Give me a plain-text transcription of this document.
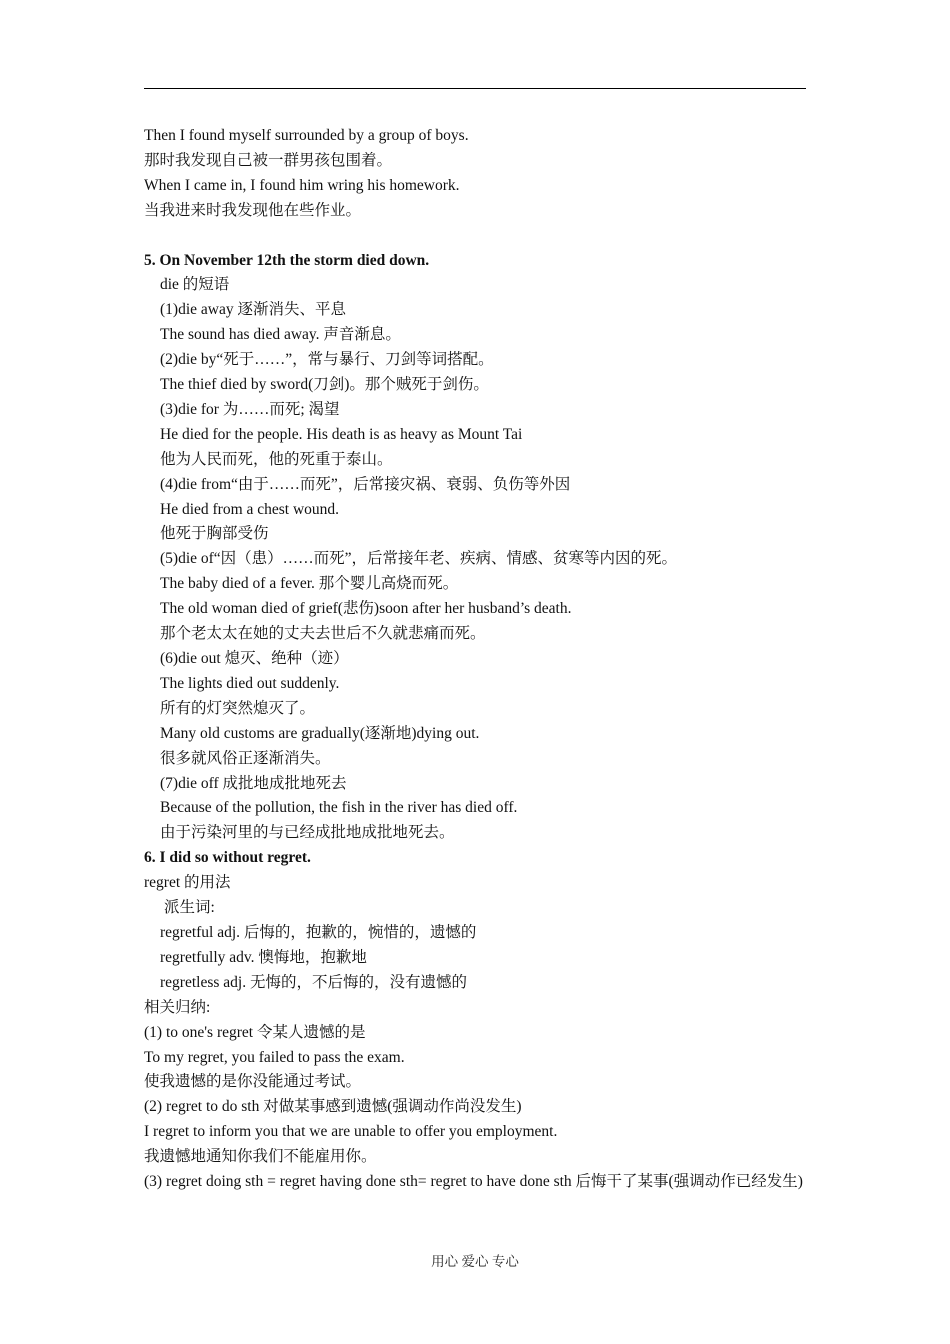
Then I found myself surrounded by a group of boys.
那时我发现自己被一群男孩包围着。
When I came in, I found him wring his homework.
当我进来时我发现他在些作业。
5. On November 12th the storm died down.
die 的短语
(1)die away 逐渐消失、平息
The sound has died away. 声音渐息。
(2)die by“死于……”，常与暴行、刀剑等词搭配。
The thief died by sword(刀剑)。那个贼死于剑伤。
(3)die for 为……而死; 渴望
He died for the people. His death is as heavy as Mount Tai
他为人民而死，他的死重于泰山。
(4)die from“由于……而死”，后常接灾祸、衰弱、负伤等外因
He died from a chest wound.
他死于胸部受伤
(5)die of“因（患）……而死”，后常接年老、疾病、情感、贫寒等内因的死。
The baby died of a fever. 那个婴儿高烧而死。
The old woman died of grief(悲伤)soon after her husband’s death.
那个老太太在她的丈夫去世后不久就悲痛而死。
(6)die out 熄灭、绝种（迹）
The lights died out suddenly.
所有的灯突然熄灭了。
Many old customs are gradually(逐渐地)dying out.
很多就风俗正逐渐消失。
(7)die off 成批地成批地死去
Because of the pollution, the fish in the river has died off.
由于污染河里的与已经成批地成批地死去。
6. I did so without regret.
regret 的用法
派生词:
regretful adj. 后悔的，抱歉的，惋惜的，遗憾的
regretfully adv. 懊悔地，抱歉地
regretless adj. 无悔的，不后悔的，没有遗憾的
相关归纳:
(1) to one's regret 令某人遗憾的是
To my regret, you failed to pass the exam.
使我遗憾的是你没能通过考试。
(2) regret to do sth 对做某事感到遗憾(强调动作尚没发生)
I regret to inform you that we are unable to offer you employment.
我遗憾地通知你我们不能雇用你。
(3) regret doing sth = regret having done sth= regret to have done sth 后悔干了某事(强调动作已经发生)
用心 爱心 专心
